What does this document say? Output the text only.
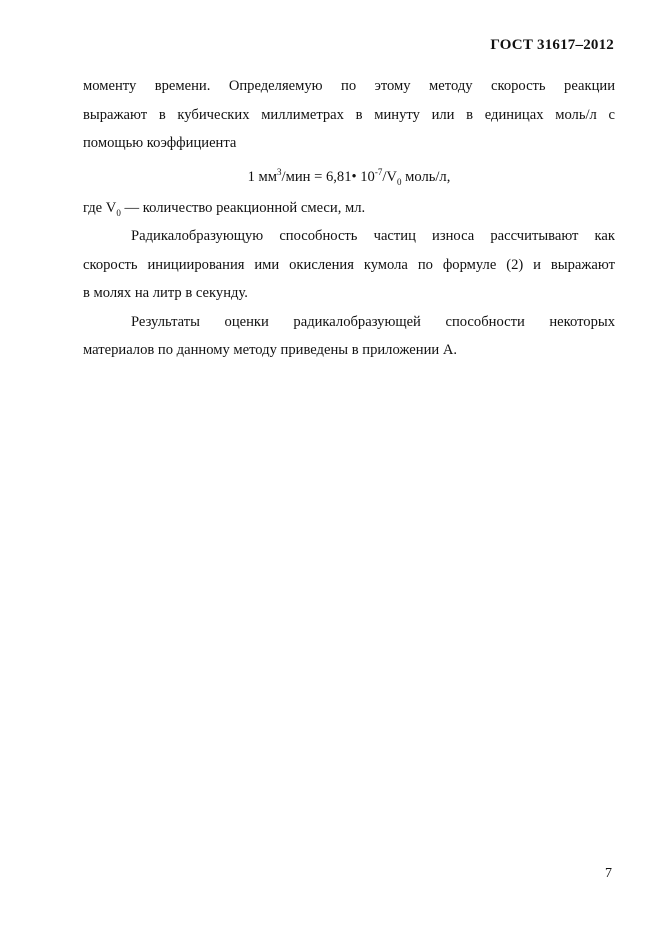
ГОСТ 31617–2012

моменту времени. Определяемую по этому методу скорость реакции
выражают в кубических миллиметрах в минуту или в единицах моль/л с
помощью коэффициента

1 $мм^3$/мин = 6,81• $10^{-7}/V_0$ моль/л,

где $V_0$ — количество реакционной смеси, мл.

Радикалобразующую способность частиц износа рассчитывают как
скорость инициирования ими окисления кумола по формуле (2) и выражают
в молях на литр в секунду.

Результаты оценки радикалобразующей способности некоторых
материалов по данному методу приведены в приложении А.

7
